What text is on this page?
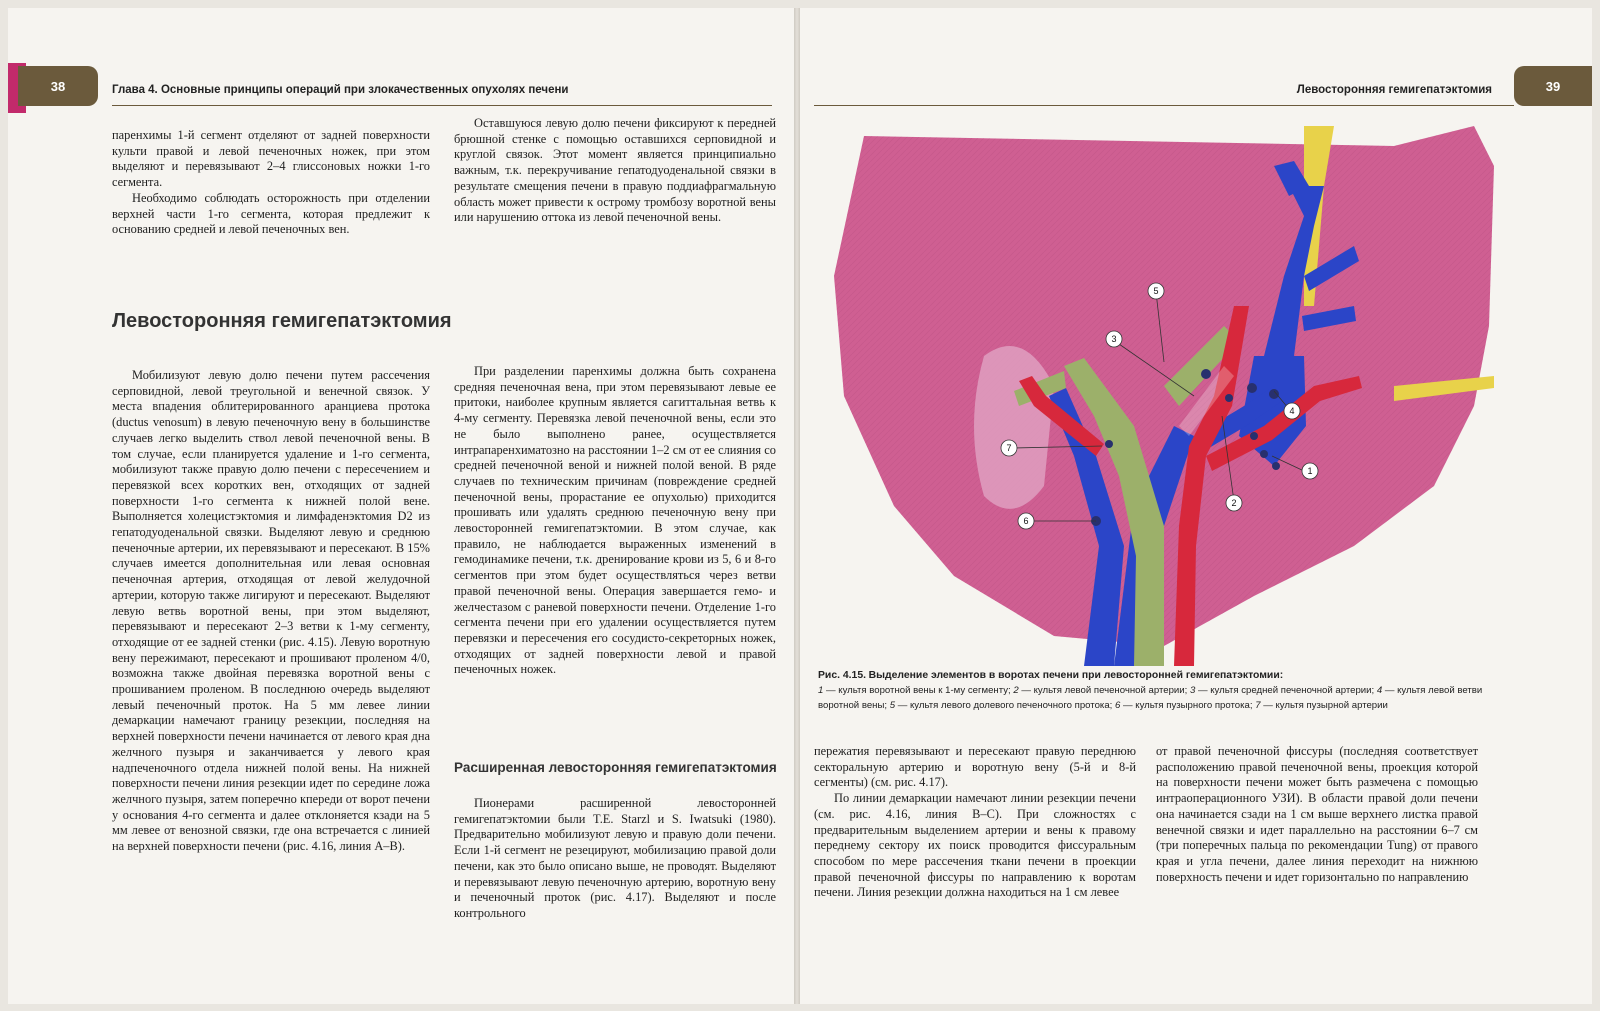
38	Глава 4. Основные принципы операций при злокачественных опухолях печени

паренхимы 1-й сегмент отделяют от задней поверхности культи правой и левой печеночных ножек, при этом выделяют и перевязывают 2–4 глиссоновых ножки 1-го сегмента.

Необходимо соблюдать осторожность при отделении верхней части 1-го сегмента, которая предлежит к основанию средней и левой печеночных вен.

Оставшуюся левую долю печени фиксируют к передней брюшной стенке с помощью оставшихся серповидной и круглой связок. Этот момент является принципиально важным, т.к. перекручивание гепатодуоденальной связки в результате смещения печени в правую поддиафрагмальную область может привести к острому тромбозу воротной вены или нарушению оттока из левой печеночной вены.

Левосторонняя гемигепатэктомия

Мобилизуют левую долю печени путем рассечения серповидной, левой треугольной и венечной связок. У места впадения облитерированного аранциева протока (ductus venosum) в левую печеночную вену в большинстве случаев легко выделить ствол левой печеночной вены. В том случае, если планируется удаление и 1-го сегмента, мобилизуют также правую долю печени с пересечением и перевязкой всех коротких вен, отходящих от задней поверхности 1-го сегмента к нижней полой вене. Выполняется холецистэктомия и лимфаденэктомия D2 из гепатодуоденальной связки. Выделяют левую и среднюю печеночные артерии, их перевязывают и пересекают. В 15% случаев имеется дополнительная или левая основная печеночная артерия, отходящая от левой желудочной артерии, которую также лигируют и пересекают. Выделяют левую ветвь воротной вены, при этом выделяют, перевязывают и пересекают 2–3 ветви к 1-му сегменту, отходящие от ее задней стенки (рис. 4.15). Левую воротную вену пережимают, пересекают и прошивают проленом 4/0, возможна также двойная перевязка воротной вены с прошиванием проленом. В последнюю очередь выделяют левый печеночный проток. На 5 мм левее линии демаркации намечают границу резекции, последняя на верхней поверхности печени начинается от левого края дна желчного пузыря и заканчивается у левого края надпеченочного отдела нижней полой вены. На нижней поверхности печени линия резекции идет по середине ложа желчного пузыря, затем поперечно кпереди от ворот печени у основания 4-го сегмента и далее отклоняется кзади на 5 мм левее от венозной связки, где она встречается с линией на верхней поверхности печени (рис. 4.16, линия А–В).

При разделении паренхимы должна быть сохранена средняя печеночная вена, при этом перевязывают левые ее притоки, наиболее крупным является сагиттальная ветвь к 4-му сегменту. Перевязка левой печеночной вены, если это не было выполнено ранее, осуществляется интрапаренхиматозно на расстоянии 1–2 см от ее слияния со средней печеночной веной и нижней полой веной. В ряде случаев по техническим причинам (повреждение средней печеночной вены, прорастание ее опухолью) приходится прошивать или удалять среднюю печеночную вену при левосторонней гемигепатэктомии. В этом случае, как правило, не наблюдается выраженных изменений в гемодинамике печени, т.к. дренирование крови из 5, 6 и 8-го сегментов при этом будет осуществляться через ветви правой печеночной вены. Операция завершается гемо- и желчестазом с раневой поверхности печени. Отделение 1-го сегмента печени при его удалении осуществляется путем перевязки и пересечения его сосудисто-секреторных ножек, отходящих от задней поверхности левой и правой печеночных ножек.

Расширенная левосторонняя гемигепатэктомия

Пионерами расширенной левосторонней гемигепатэктомии были T.E. Starzl и S. Iwatsuki (1980). Предварительно мобилизуют левую и правую доли печени. Если 1-й сегмент не резецируют, мобилизацию правой доли печени, как это было описано выше, не проводят. Выделяют и перевязывают левую печеночную артерию, воротную вену и печеночный проток (рис. 4.17). Выделяют и после контрольного

Левосторонняя гемигепатэктомия	39
1
2
3
4
5
6
7
Рис. 4.15. Выделение элементов в воротах печени при левосторонней гемигепатэктомии:
1 — культя воротной вены к 1-му сегменту; 2 — культя левой печеночной артерии; 3 — культя средней печеночной артерии; 4 — культя левой ветви воротной вены; 5 — культя левого долевого печеночного протока; 6 — культя пузырного протока; 7 — культя пузырной артерии

пережатия перевязывают и пересекают правую переднюю секторальную артерию и воротную вену (5-й и 8-й сегменты) (см. рис. 4.17).

По линии демаркации намечают линии резекции печени (см. рис. 4.16, линия В–С). При сложностях с предварительным выделением артерии и вены к правому переднему сектору их поиск проводится фиссуральным способом по мере рассечения ткани печени в проекции правой печеночной фиссуры по направлению к воротам печени. Линия резекции должна находиться на 1 см левее

от правой печеночной фиссуры (последняя соответствует расположению правой печеночной вены, проекция которой на поверхности печени может быть размечена с помощью интраоперационного УЗИ). В области правой доли печени она начинается сзади на 1 см выше верхнего листка правой венечной связки и идет параллельно на расстоянии 6–7 см (три поперечных пальца по рекомендации Tung) от правого края и угла печени, далее линия переходит на нижнюю поверхность печени и идет горизонтально по направлению
